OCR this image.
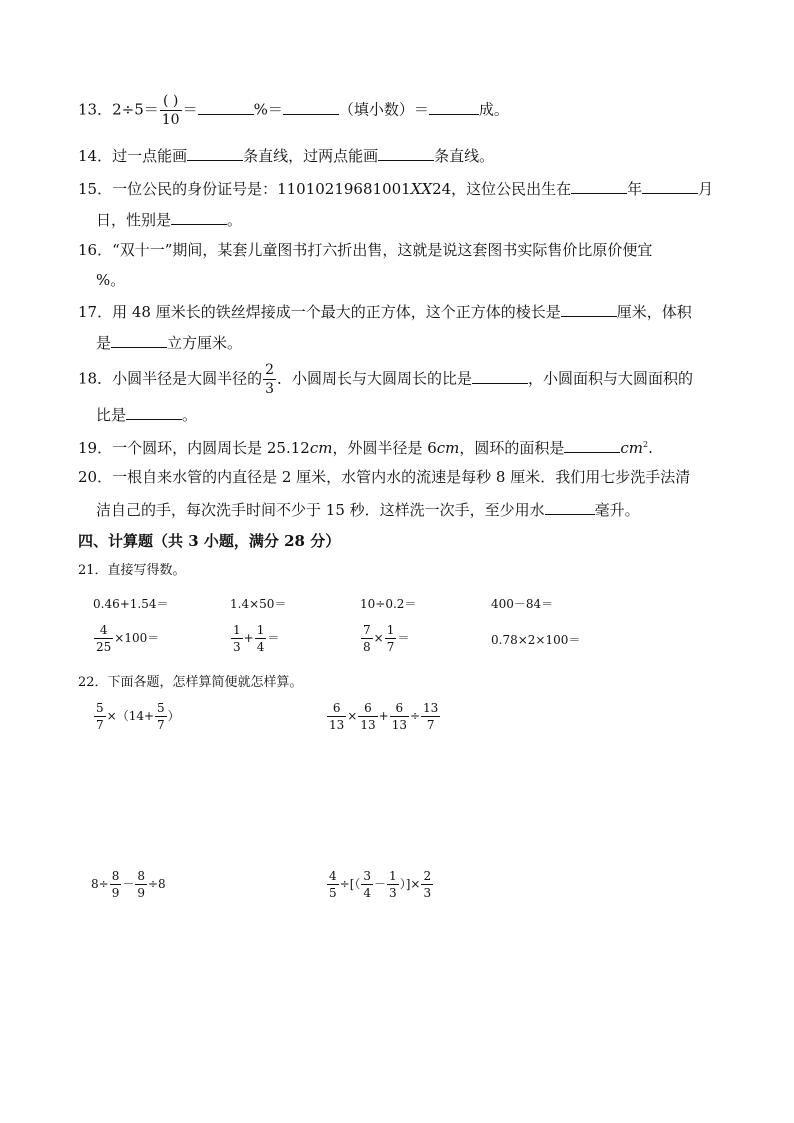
13．$2\div 5= \frac{( )}{10}$ ＝	%＝	（填小数）＝	成。
14．过一点能画	条直线，过两点能画	条直线。
15．一位公民的身份证号是：11010219681001XX24，这位公民出生在	年	月
日，性别是	。
16．“双十一”期间，某套儿童图书打六折出售，这就是说这套图书实际售价比原价便宜
%。
17．用 48 厘米长的铁丝焊接成一个最大的正方体，这个正方体的棱长是	厘米，体积
是	立方厘米。
18．小圆半径是大圆半径的 $\frac{2}{3}$ ．小圆周长与大圆周长的比是	，小圆面积与大圆面积的
比是	。
19．一个圆环，内圆周长是 25.12cm，外圆半径是 6cm，圆环的面积是	$cm^2$.
20．一根自来水管的内直径是 2 厘米，水管内水的流速是每秒 8 厘米．我们用七步洗手法清
洁自己的手，每次洗手时间不少于 15 秒．这样洗一次手，至少用水	毫升。
四、计算题（共 3 小题，满分 28 分）
21．直接写得数。
0.46+1.54＝	1.4×50＝	10÷0.2＝	400－84＝
$\frac{4}{25} \times 100=$	$\frac{1}{3} + \frac{1}{4}$ ＝	$\frac{7}{8} \times \frac{1}{7}$ ＝	0.78×2×100＝
22．下面各题，怎样算简便就怎样算。
$\frac{5}{7} \times(14+ \frac{5}{7}$ ）	$\frac{6}{13} \times \frac{6}{13} + \frac{6}{13} \div \frac{13}{7}$
$8\div \frac{8}{9} - \frac{8}{9} \div 8$	$\frac{4}{5}$ ÷[（ $\frac{3}{4} - \frac{1}{3}$ ）]× $\frac{2}{3}$
